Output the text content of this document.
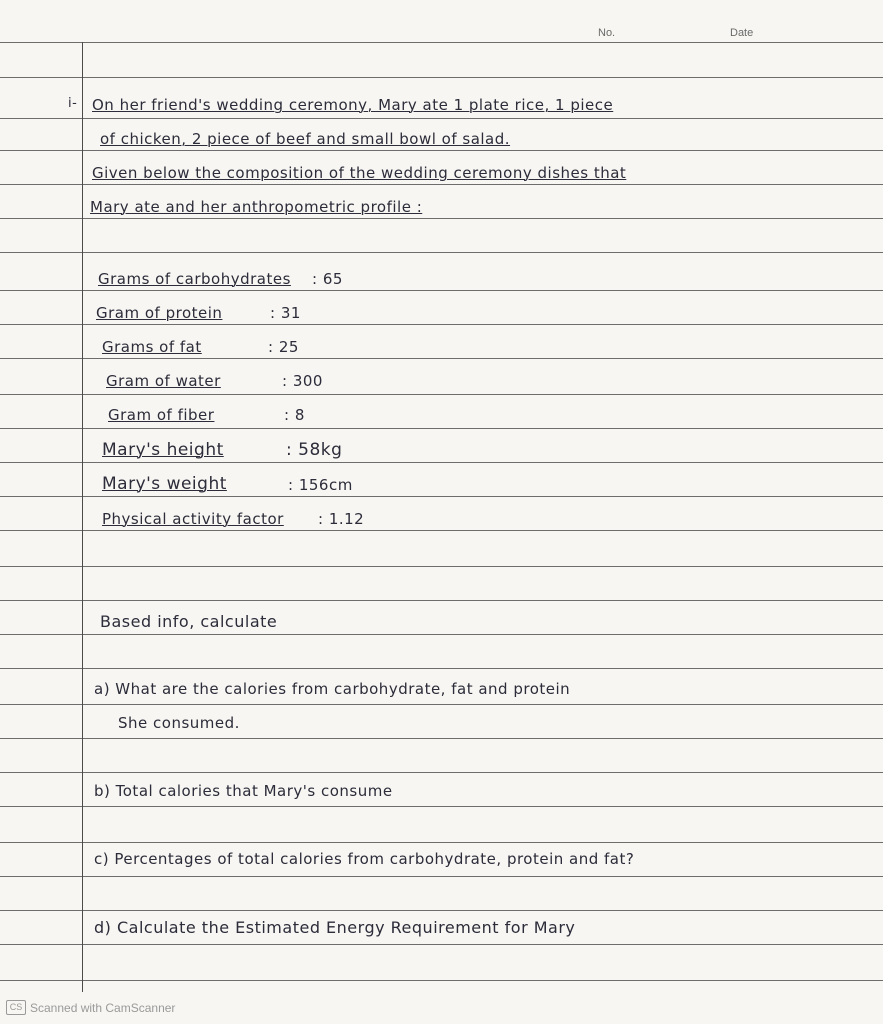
No.	Date
i- On her friend's wedding ceremony, Mary ate 1 plate rice, 1 piece
of chicken, 2 piece of beef and small bowl of salad.
Given below the composition of the wedding ceremony dishes that
Mary ate and her anthropometric profile :
Grams of carbohydrates : 65
Gram of protein	: 31
Grams of fat	: 25
Gram of water	: 300
Gram of fiber	: 8
Mary's height	: 58kg
Mary's weight	: 156cm
Physical activity factor : 1.12
Based info, calculate
a) What are the calories from carbohydrate, fat and protein
She consumed.
b) Total calories that Mary's consume
c) Percentages of total calories from carbohydrate, protein and fat?
d) Calculate the Estimated Energy Requirement for Mary
CS Scanned with CamScanner
